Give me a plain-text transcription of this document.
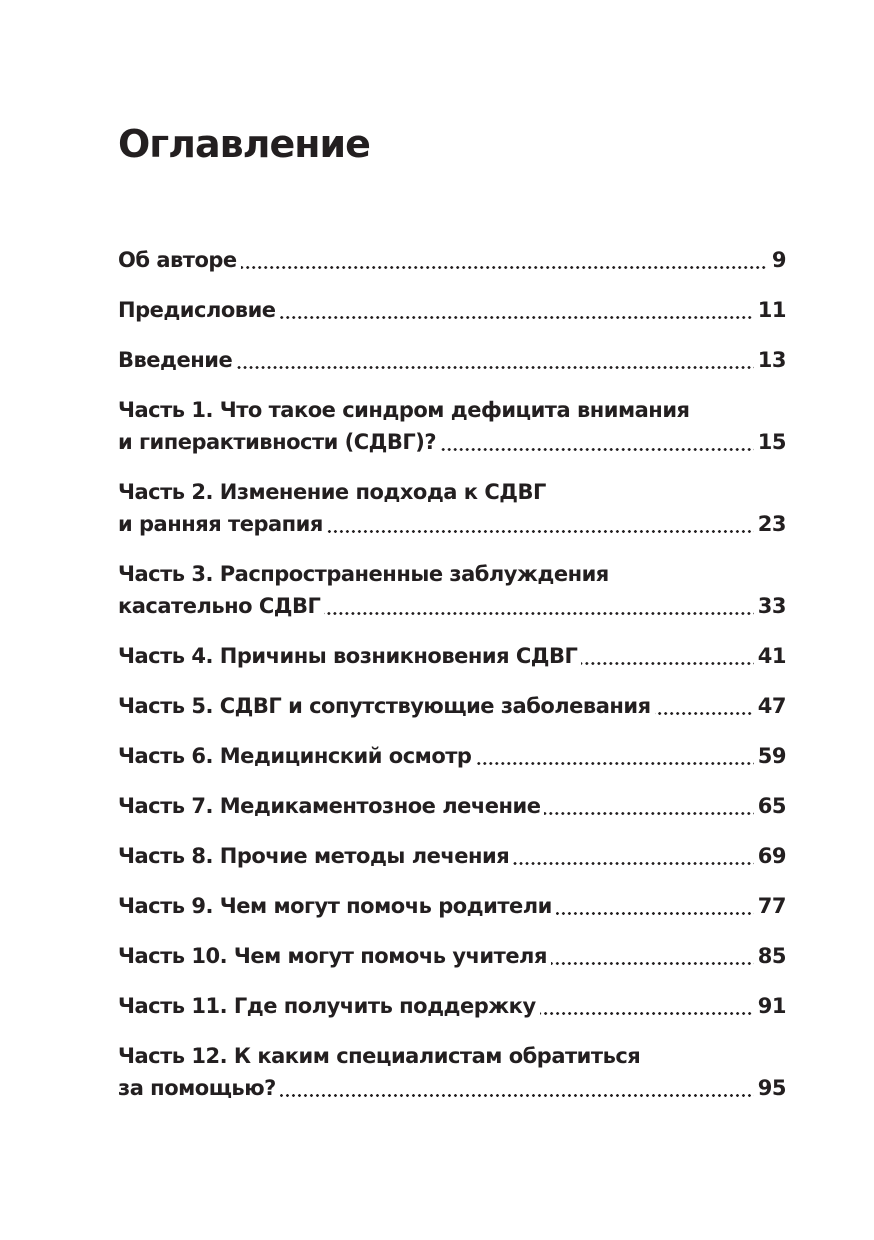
Оглавление
Об авторе	9
Предисловие	11
Введение	13
Часть 1. Что такое синдром дефицита внимания
и гиперактивности (СДВГ)?	15
Часть 2. Изменение подхода к СДВГ
и ранняя терапия	23
Часть 3. Распространенные заблуждения
касательно СДВГ	33
Часть 4. Причины возникновения СДВГ	41
Часть 5. СДВГ и сопутствующие заболевания	47
Часть 6. Медицинский осмотр	59
Часть 7. Медикаментозное лечение	65
Часть 8. Прочие методы лечения	69
Часть 9. Чем могут помочь родители	77
Часть 10. Чем могут помочь учителя	85
Часть 11. Где получить поддержку	91
Часть 12. К каким специалистам обратиться
за помощью?	95
